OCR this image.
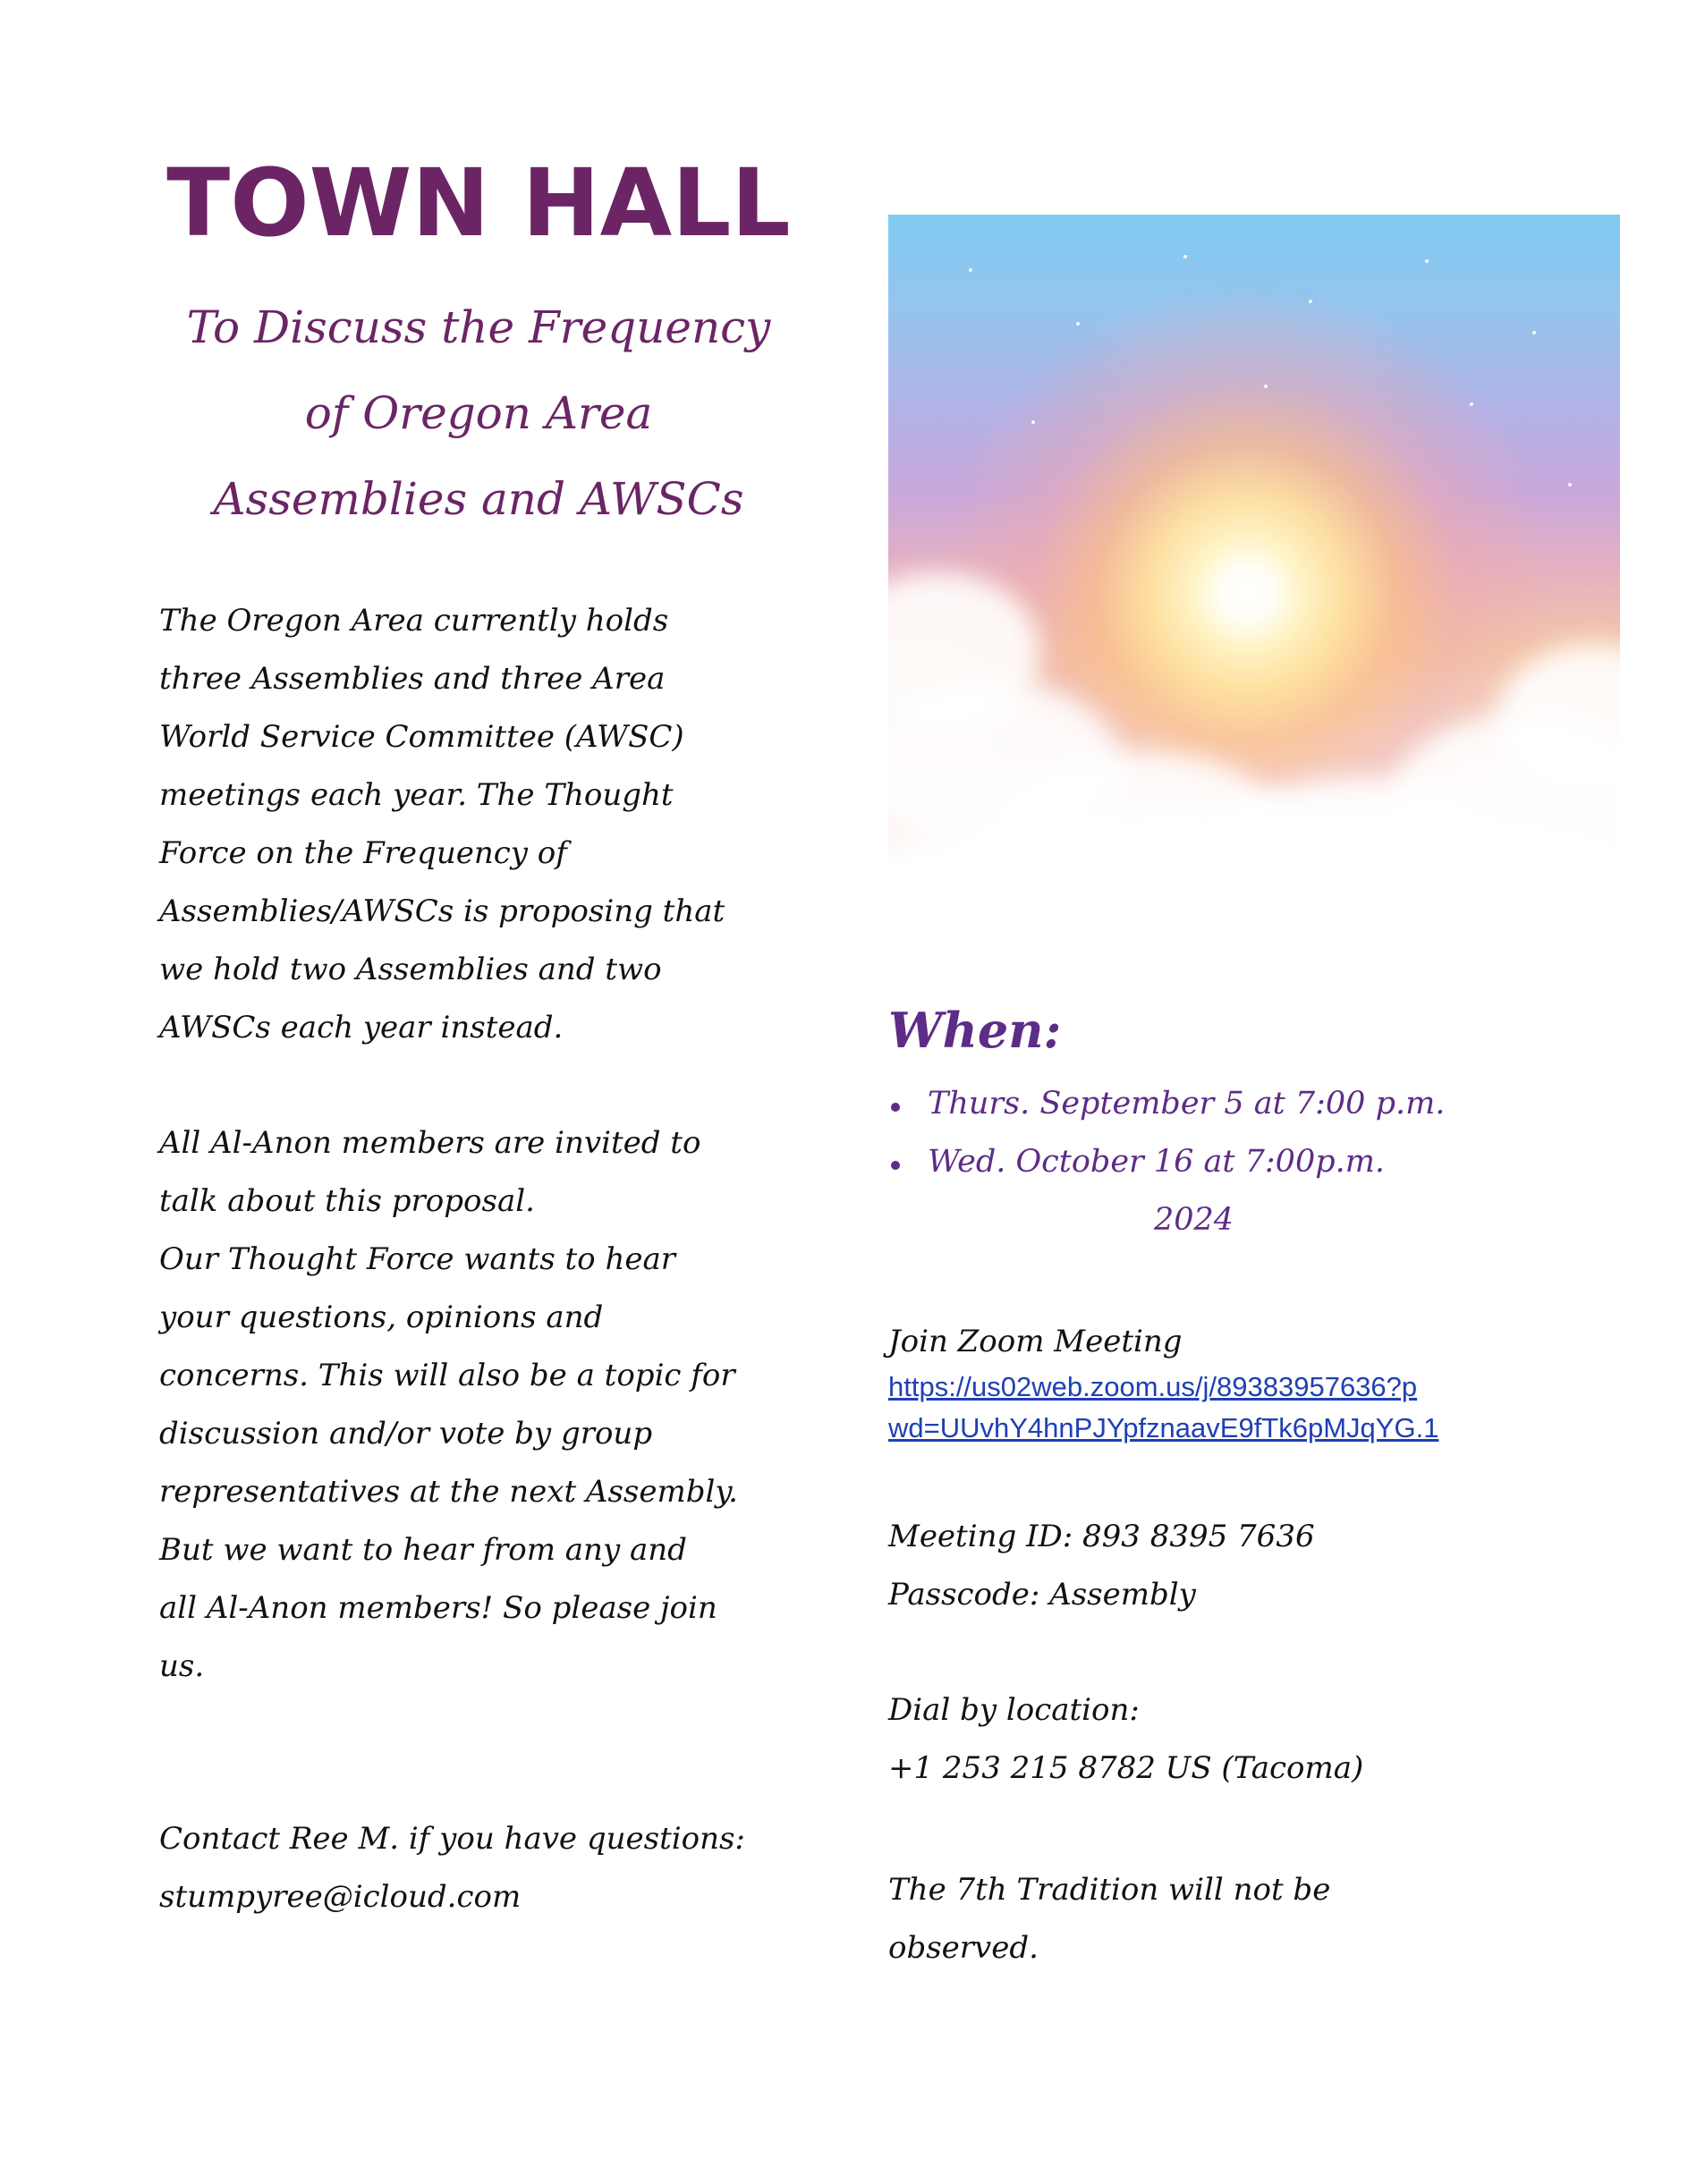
TOWN HALL
To Discuss the Frequency
of Oregon Area
Assemblies and AWSCs
The Oregon Area currently holds
three Assemblies and three Area
World Service Committee (AWSC)
meetings each year. The Thought
Force on the Frequency of
Assemblies/AWSCs is proposing that
we hold two Assemblies and two
AWSCs each year instead.
All Al-Anon members are invited to
talk about this proposal.
Our Thought Force wants to hear
your questions, opinions and
concerns. This will also be a topic for
discussion and/or vote by group
representatives at the next Assembly.
But we want to hear from any and
all Al-Anon members! So please join
us.
Contact Ree M. if you have questions:
stumpyree@icloud.com
When:
Thurs. September 5 at 7:00 p.m.
Wed. October 16 at 7:00p.m.
2024
Join Zoom Meeting
https://us02web.zoom.us/j/89383957636?p
wd=UUvhY4hnPJYpfznaavE9fTk6pMJqYG.1
Meeting ID: 893 8395 7636
Passcode: Assembly
Dial by location:
+1 253 215 8782 US (Tacoma)
The 7th Tradition will not be
observed.
